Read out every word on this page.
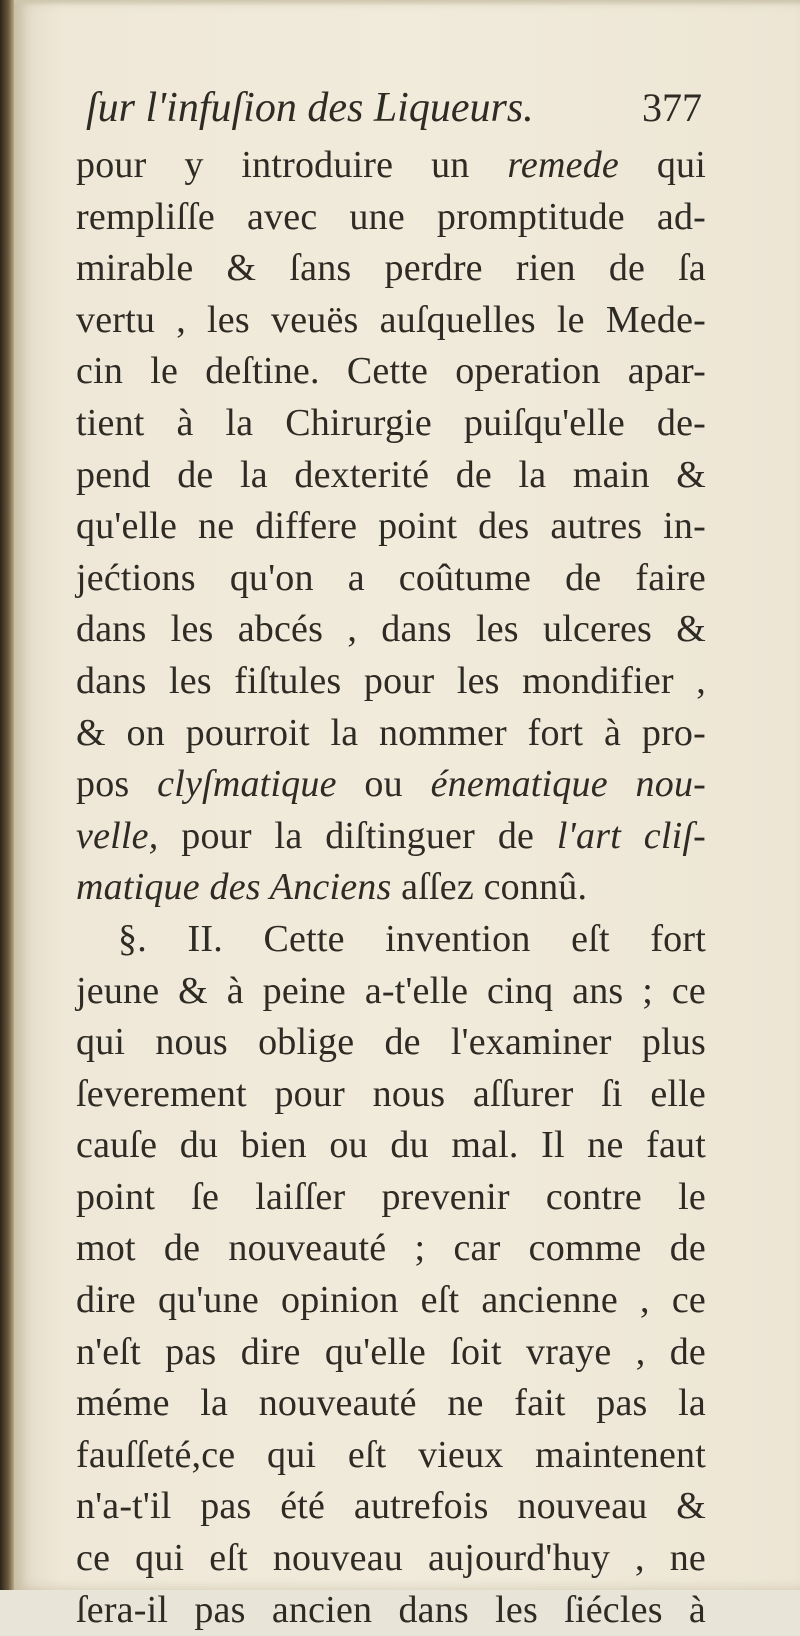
ſur l'infuſion des Liqueurs.	377
pour y introduire un remede qui
rempliſſe avec une promptitude ad-
mirable & ſans perdre rien de ſa
vertu , les veuës auſquelles le Mede-
cin le deſtine. Cette operation apar-
tient à la Chirurgie puiſqu'elle de-
pend de la dexterité de la main &
qu'elle ne differe point des autres in-
jećtions qu'on a coûtume de faire
dans les abcés , dans les ulceres &
dans les fiſtules pour les mondifier ,
& on pourroit la nommer fort à pro-
pos clyſmatique ou énematique nou-
velle, pour la diſtinguer de l'art cliſ-
matique des Anciens aſſez connû.
§. II. Cette invention eſt fort
jeune & à peine a-t'elle cinq ans ; ce
qui nous oblige de l'examiner plus
ſeverement pour nous aſſurer ſi elle
cauſe du bien ou du mal. Il ne faut
point ſe laiſſer prevenir contre le
mot de nouveauté ; car comme de
dire qu'une opinion eſt ancienne , ce
n'eſt pas dire qu'elle ſoit vraye , de
méme la nouveauté ne fait pas la
fauſſeté,ce qui eſt vieux maintenent
n'a-t'il pas été autrefois nouveau &
ce qui eſt nouveau aujourd'huy , ne
ſera-il pas ancien dans les ſiécles à
